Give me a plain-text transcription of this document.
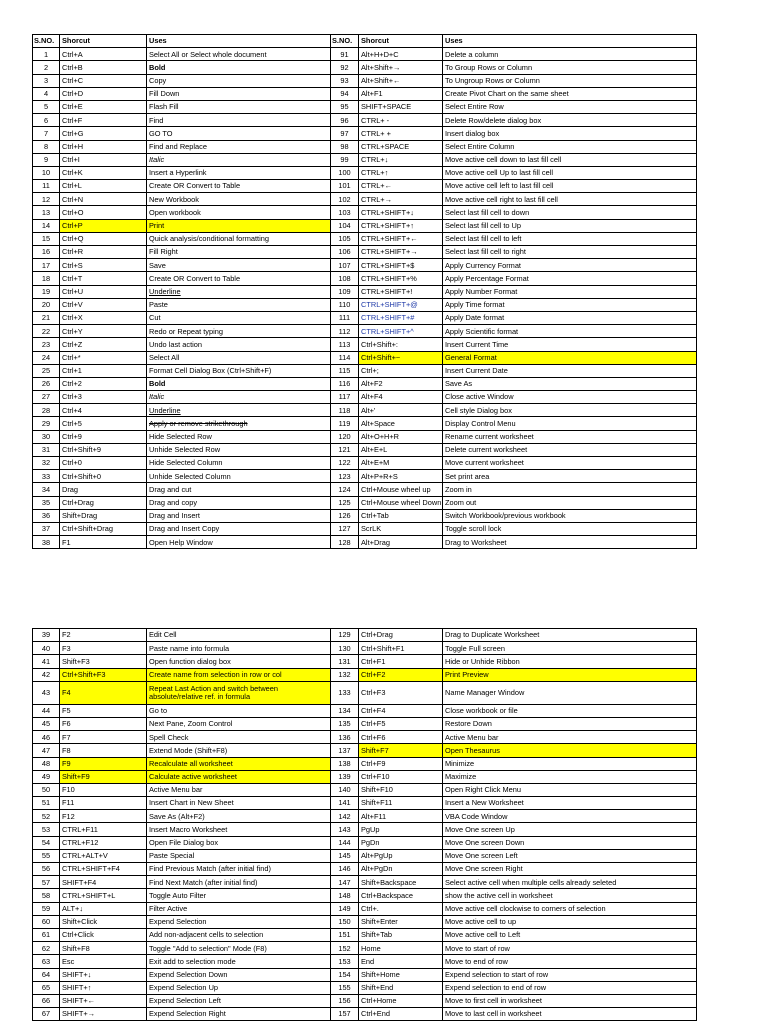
S.NO.	Shorcut	Uses	S.NO.	Shorcut	Uses
1	Ctrl+A	Select All or Select whole document	91	Alt+H+D+C	Delete a column
2	Ctrl+B	Bold	92	Alt+Shift+→	To Group Rows or Column
3	Ctrl+C	Copy	93	Alt+Shift+←	To Ungroup Rows or Column
4	Ctrl+D	Fill Down	94	Alt+F1	Create Pivot Chart on the same sheet
5	Ctrl+E	Flash Fill	95	SHIFT+SPACE	Select Entire Row
6	Ctrl+F	Find	96	CTRL+ -	Delete Row/delete dialog box
7	Ctrl+G	GO TO	97	CTRL+ +	Insert dialog box
8	Ctrl+H	Find and Replace	98	CTRL+SPACE	Select Entire Column
9	Ctrl+I	Italic	99	CTRL+↓	Move active cell down to last fill cell
10	Ctrl+K	Insert a Hyperlink	100	CTRL+↑	Move active cell Up to last fill cell
11	Ctrl+L	Create OR Convert to Table	101	CTRL+←	Move active cell left to last fill cell
12	Ctrl+N	New Workbook	102	CTRL+→	Move active cell right to last fill cell
13	Ctrl+O	Open workbook	103	CTRL+SHIFT+↓	Select last fill cell to down
14	Ctrl+P	Print	104	CTRL+SHIFT+↑	Select last fill cell to Up
15	Ctrl+Q	Quick analysis/conditional formatting	105	CTRL+SHIFT+←	Select last fill cell to left
16	Ctrl+R	Fill Right	106	CTRL+SHIFT+→	Select last fill cell to right
17	Ctrl+S	Save	107	CTRL+SHIFT+$	Apply Currency Format
18	Ctrl+T	Create OR Convert to Table	108	CTRL+SHIFT+%	Apply Percentage Format
19	Ctrl+U	Underline	109	CTRL+SHIFT+!	Apply Number Format
20	Ctrl+V	Paste	110	CTRL+SHIFT+@	Apply Time format
21	Ctrl+X	Cut	111	CTRL+SHIFT+#	Apply Date format
22	Ctrl+Y	Redo or Repeat typing	112	CTRL+SHIFT+^	Apply Scientific format
23	Ctrl+Z	Undo last action	113	Ctrl+Shift+:	Insert Current Time
24	Ctrl+*	Select All	114	Ctrl+Shift+~	General Format
25	Ctrl+1	Format Cell Dialog Box (Ctrl+Shift+F)	115	Ctrl+;	Insert Current Date
26	Ctrl+2	Bold	116	Alt+F2	Save As
27	Ctrl+3	Italic	117	Alt+F4	Close active Window
28	Ctrl+4	Underline	118	Alt+'	Cell style Dialog box
29	Ctrl+5	Apply or remove strikethrough	119	Alt+Space	Display Control Menu
30	Ctrl+9	Hide Selected Row	120	Alt+O+H+R	Rename current worksheet
31	Ctrl+Shift+9	Unhide Selected Row	121	Alt+E+L	Delete current worksheet
32	Ctrl+0	Hide Selected Column	122	Alt+E+M	Move current worksheet
33	Ctrl+Shift+0	Unhide Selected Column	123	Alt+P+R+S	Set print area
34	Drag	Drag and cut	124	Ctrl+Mouse wheel up	Zoom in
35	Ctrl+Drag	Drag and copy	125	Ctrl+Mouse wheel Down	Zoom out
36	Shift+Drag	Drag and Insert	126	Ctrl+Tab	Switch Workbook/previous workbook
37	Ctrl+Shift+Drag	Drag and Insert Copy	127	ScrLK	Toggle scroll lock
38	F1	Open Help Window	128	Alt+Drag	Drag to Worksheet
39	F2	Edit Cell	129	Ctrl+Drag	Drag to Duplicate Worksheet
40	F3	Paste name into formula	130	Ctrl+Shift+F1	Toggle Full screen
41	Shift+F3	Open function dialog box	131	Ctrl+F1	Hide or Unhide Ribbon
42	Ctrl+Shift+F3	Create name from selection in row or col	132	Ctrl+F2	Print Preview
43	F4	Repeat Last Action and switch between absolute/relative ref. in formula	133	Ctrl+F3	Name Manager Window
44	F5	Go to	134	Ctrl+F4	Close workbook or file
45	F6	Next Pane, Zoom Control	135	Ctrl+F5	Restore Down
46	F7	Spell Check	136	Ctrl+F6	Active Menu bar
47	F8	Extend Mode (Shift+F8)	137	Shift+F7	Open Thesaurus
48	F9	Recalculate all worksheet	138	Ctrl+F9	Minimize
49	Shift+F9	Calculate active worksheet	139	Ctrl+F10	Maximize
50	F10	Active Menu bar	140	Shift+F10	Open Right Click Menu
51	F11	Insert Chart in New Sheet	141	Shift+F11	Insert a New Worksheet
52	F12	Save As (Alt+F2)	142	Alt+F11	VBA Code Window
53	CTRL+F11	Insert Macro Worksheet	143	PgUp	Move One screen Up
54	CTRL+F12	Open File Dialog box	144	PgDn	Move One screen Down
55	CTRL+ALT+V	Paste Special	145	Alt+PgUp	Move One screen Left
56	CTRL+SHIFT+F4	Find Previous Match (after initial find)	146	Alt+PgDn	Move One screen Right
57	SHIFT+F4	Find Next Match (after initial find)	147	Shift+Backspace	Select active cell when multiple cells already seleted
58	CTRL+SHIFT+L	Toggle Auto Filter	148	Ctrl+Backspace	show the active cell in worksheet
59	ALT+↓	Filter Active	149	Ctrl+.	Move active cell clockwise to corners of selection
60	Shift+Click	Expend Selection	150	Shift+Enter	Move active cell to up
61	Ctrl+Click	Add non-adjacent cells to selection	151	Shift+Tab	Move active cell to Left
62	Shift+F8	Toggle "Add to selection" Mode (F8)	152	Home	Move to start of row
63	Esc	Exit add to selection mode	153	End	Move to end of row
64	SHIFT+↓	Expend Selection Down	154	Shift+Home	Expend selection to start of row
65	SHIFT+↑	Expend Selection Up	155	Shift+End	Expend selection to end of row
66	SHIFT+←	Expend Selection Left	156	Ctrl+Home	Move to first cell in worksheet
67	SHIFT+→	Expend Selection Right	157	Ctrl+End	Move to last cell in worksheet
